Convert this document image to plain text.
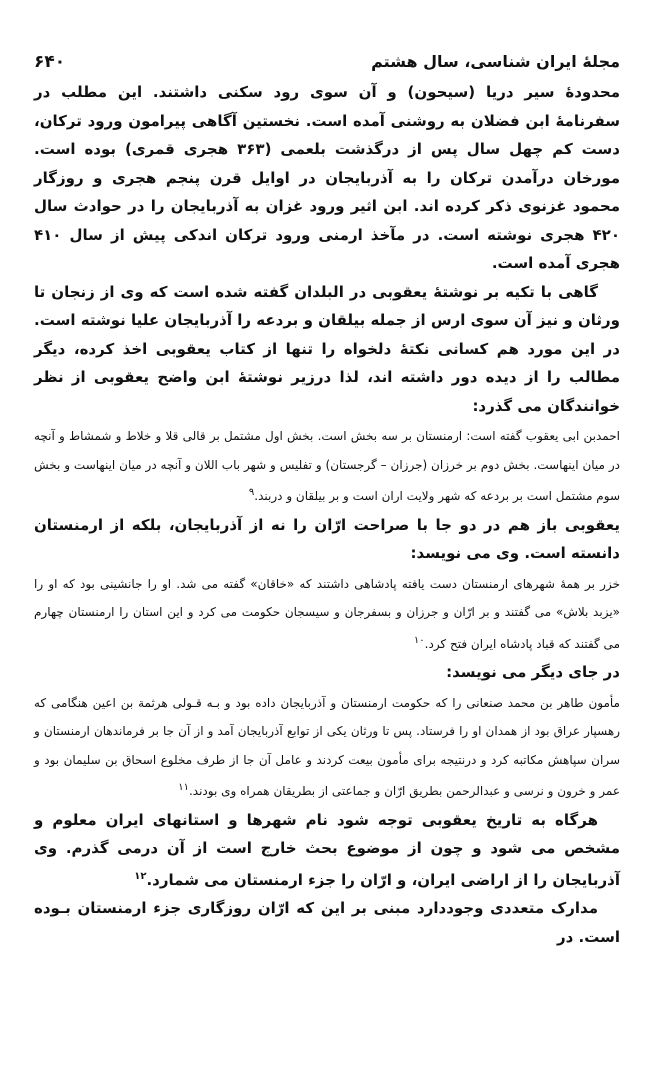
مجلهٔ ایران شناسی، سال هشتم
۶۴۰

محدودهٔ سیر دریا (سیحون) و آن سوی رود سکنی داشتند. این مطلب در سفرنامهٔ ابن فضلان به روشنی آمده است. نخستین آگاهی پیرامون ورود ترکان، دست کم چهل سال پس از درگذشت بلعمی (۳۶۳ هجری قمری) بوده است. مورخان درآمدن ترکان را به آذربایجان در اوایل قرن پنجم هجری و روزگار محمود غزنوی ذکر کرده اند. ابن اثیر ورود غزان به آذربایجان را در حوادث سال ۴۲۰ هجری نوشته است. در مآخذ ارمنی ورود ترکان اندکی پیش از سال ۴۱۰ هجری آمده است.

گاهی با تکیه بر نوشتهٔ یعقوبی در البلدان گفته شده است که وی از زنجان تا ورثان و نیز آن سوی ارس از جمله بیلقان و بردعه را آذربایجان علیا نوشته است. در این مورد هم کسانی نکتهٔ دلخواه را تنها از کتاب یعقوبی اخذ کرده، دیگر مطالب را از دیده دور داشته اند، لذا درزیر نوشتهٔ ابن واضح یعقوبی از نظر خوانندگان می گذرد:

احمدبن ابی یعقوب گفته است: ارمنستان بر سه بخش است. بخش اول مشتمل بر قالی قلا و خلاط و شمشاط و آنچه در میان اینهاست. بخش دوم بر خرزان (جرزان – گرجستان) و تفلیس و شهر باب اللان و آنچه در میان اینهاست و بخش سوم مشتمل است بر بردعه که شهر ولایت اران است و بر بیلقان و دربند.$^۹$

یعقوبی باز هم در دو جا با صراحت ارّان را نه از آذربایجان، بلکه از ارمنستان دانسته است. وی می نویسد:

خزر بر همهٔ شهرهای ارمنستان دست یافته پادشاهی داشتند که «خاقان» گفته می شد. او را جانشینی بود که او را «یزبد بلاش» می گفتند و بر ارّان و جرزان و بسفرجان و سیسجان حکومت می کرد و این استان را ارمنستان چهارم می گفتند که قباد پادشاه ایران فتح کرد.$^{۱۰}$

در جای دیگر می نویسد:

مأمون طاهر بن محمد صنعانی را که حکومت ارمنستان و آذربایجان داده بود و بـه قـولی هرثمة بن اعین هنگامی که رهسپار عراق بود از همدان او را فرستاد. پس تا ورثان یکی از توابع آذربایجان آمد و از آن جا بر فرماندهان ارمنستان و سران سپاهش مکاتبه کرد و درنتیجه برای مأمون بیعت کردند و عامل آن جا از طرف مخلوع اسحاق بن سلیمان بود و عمر و خرون و نرسی و عبدالرحمن بطریق ارّان و جماعتی از بطریقان همراه وی بودند.$^{۱۱}$

هرگاه به تاریخ یعقوبی توجه شود نام شهرها و استانهای ایران معلوم و مشخص می شود و چون از موضوع بحث خارج است از آن درمی گذرم. وی آذربایجان را از اراضی ایران، و ارّان را جزء ارمنستان می شمارد.$^{۱۲}$

مدارک متعددی وجوددارد مبنی بر این که ارّان روزگاری جزء ارمنستان بـوده است. در
